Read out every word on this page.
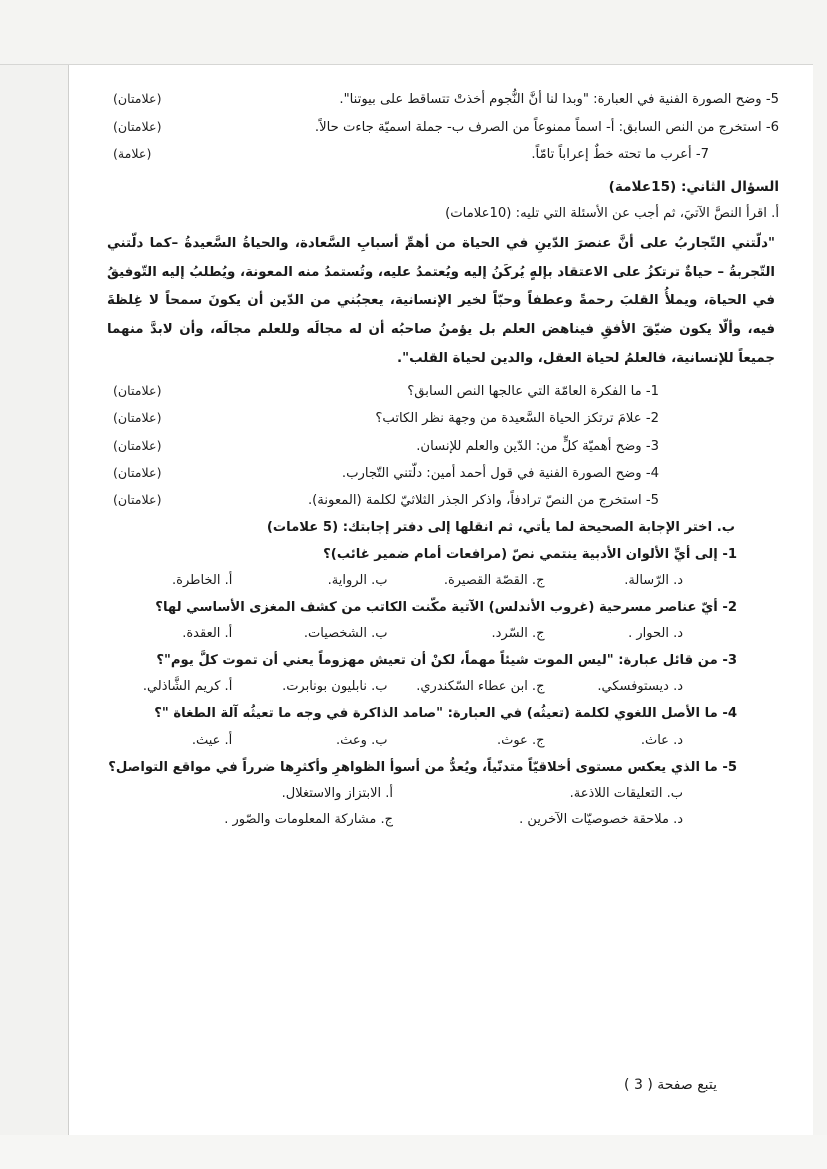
5- وضح الصورة الفنية في العبارة: "وبدا لنا أنَّ النُّجوم أخذتْ تتساقط على بيوتنا".
(علامتان)
6- استخرج من النص السابق: أ- اسماً ممنوعاً من الصرف ب- جملة اسميّة جاءت حالاً.
(علامتان)
7- أعرب ما تحته خطٌ إعراباً تامّاً.
(علامة)
السؤال الثاني: (15علامة)
أ. اقرأ النصَّ الآتيَ، ثم أجب عن الأسئلة التي تليه: (10علامات)

"دلّتني التّجاربُ على أنَّ عنصرَ الدّينِ في الحياة من أهمِّ أسبابِ السَّعادة، والحياةُ السَّعيدةُ –كما دلّتني التّجربةُ – حياةٌ ترتكزُ على الاعتقاد بإلهٍ يُركَنُ إليه ويُعتمدُ عليه، وتُستمدُ منه المعونة، ويُطلبُ إليه التّوفيقُ في الحياة، ويملأُ القلبَ رحمةً وعطفاً وحبّاً لخير الإنسانية، يعجبُني من الدّين أن يكونَ سمحاً لا غِلظةَ فيه، وألّا يكون ضيّقَ الأفقِ فيناهض العلم بل يؤمنُ صاحبُه أن له مجالَه وللعلم مجالَه، وأن لابدَّ منهما جميعاً للإنسانية، فالعلمُ لحياة العقل، والدين لحياة القلب".

1- ما الفكرة العامّة التي عالجها النص السابق؟
(علامتان)
2- علامَ ترتكز الحياة السَّعيدة من وجهة نظر الكاتب؟
(علامتان)
3- وضح أهميّة كلٍّ من: الدّين والعلم للإنسان.
(علامتان)
4- وضح الصورة الفنية في قول أحمد أمين: دلّتني التّجارب.
(علامتان)
5- استخرج من النصّ ترادفاً، واذكر الجذر الثلاثيّ لكلمة (المعونة).
(علامتان)
ب. اختر الإجابة الصحيحة لما يأتي، ثم انقلها إلى دفتر إجابتك: (5 علامات)
1- إلى أيِّ الألوان الأدبية ينتمي نصّ (مرافعات أمام ضمير غائب)؟
د. الرّسالة.
ج. القصّة القصيرة.
ب. الرواية.
أ. الخاطرة.
2- أيّ عناصر مسرحية (غروب الأندلس) الآتية مكّنت الكاتب من كشف المغزى الأساسي لها؟
د. الحوار .
ج. السّرد.
ب. الشخصيات.
أ. العقدة.
3- من قائل عبارة: "ليس الموت شيئاً مهماً، لكنْ أن تعيش مهزوماً يعني أن تموت كلَّ يوم"؟
د. ديستوفسكي.
ج. ابن عطاء السّكندري.
ب. نابليون بونابرت.
أ. كريم الشَّاذلي.
4- ما الأصل اللغوي لكلمة (تعيثُه) في العبارة: "صامد الذاكرة في وجه ما تعيثُه آلة الطغاة "؟
د. عاث.
ج. عوث.
ب. وعث.
أ. عيث.
5- ما الذي يعكس مستوى أخلاقيّاً متدنّياً، ويُعدُّ من أسوأ الظواهرِ وأكثرِها ضرراً في مواقع التواصل؟
ب. التعليقات اللاذعة.
أ. الابتزاز والاستغلال.
د. ملاحقة خصوصيّات الآخرين .
ج. مشاركة المعلومات والصّور .
يتبع صفحة ( 3 )
